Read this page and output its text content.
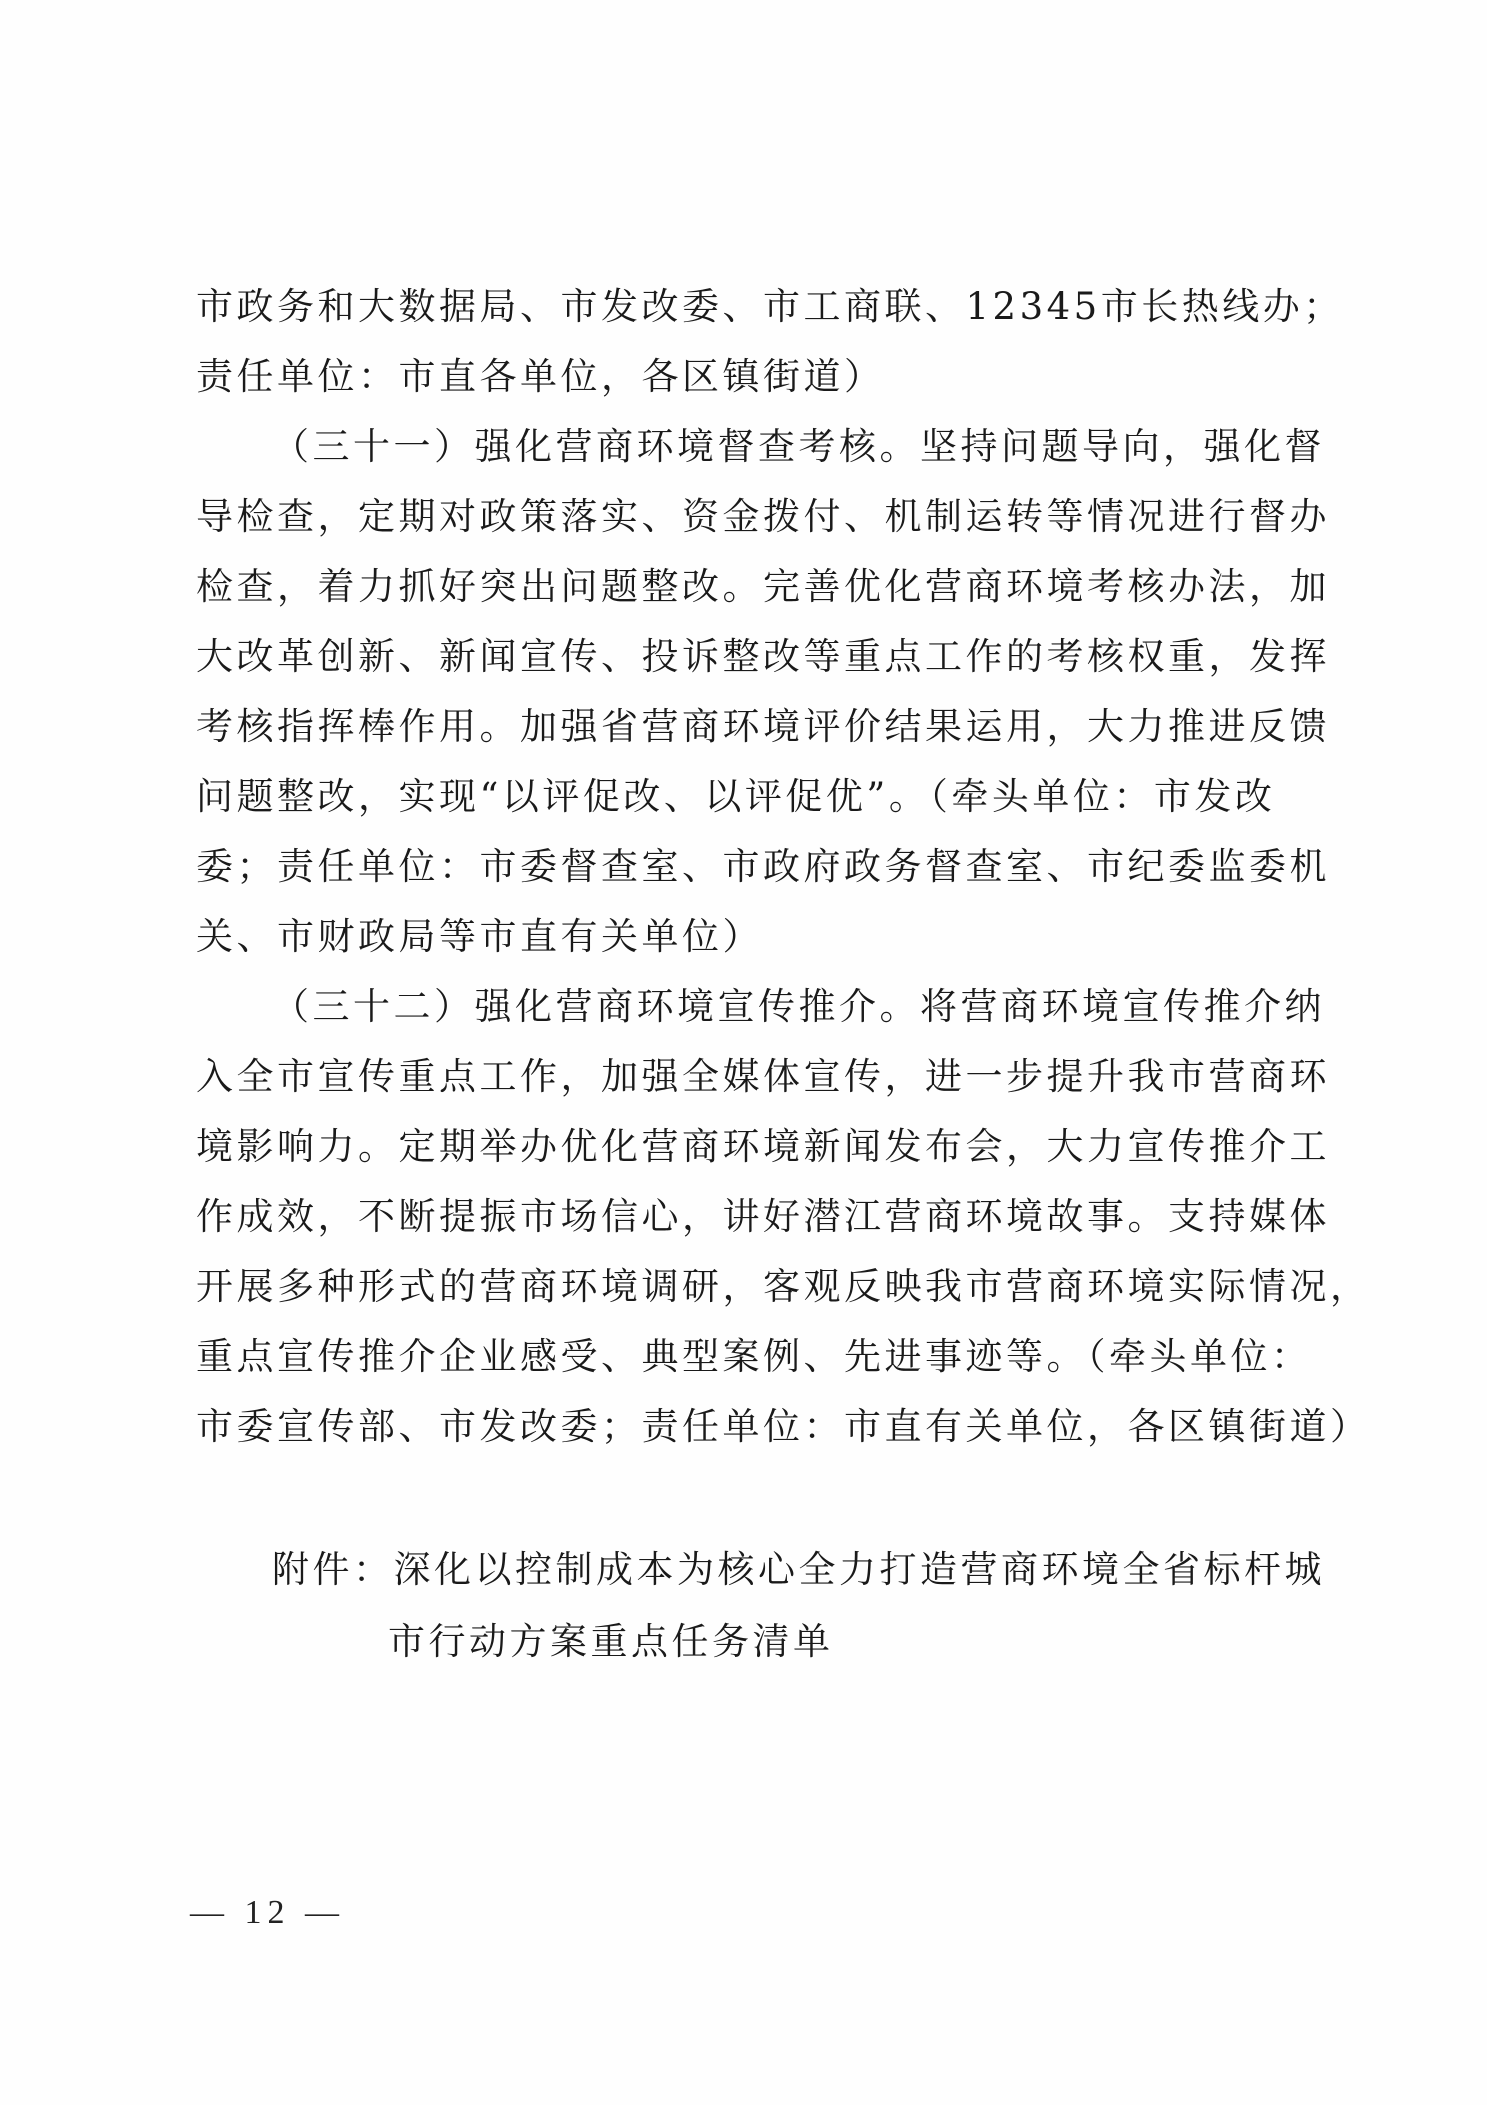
市政务和大数据局、市发改委、市工商联、12345市长热线办；
责任单位：市直各单位，各区镇街道）
（三十一）强化营商环境督查考核。坚持问题导向，强化督
导检查，定期对政策落实、资金拨付、机制运转等情况进行督办
检查，着力抓好突出问题整改。完善优化营商环境考核办法，加
大改革创新、新闻宣传、投诉整改等重点工作的考核权重，发挥
考核指挥棒作用。加强省营商环境评价结果运用，大力推进反馈
问题整改，实现“以评促改、以评促优”。（牵头单位：市发改
委；责任单位：市委督查室、市政府政务督查室、市纪委监委机
关、市财政局等市直有关单位）
（三十二）强化营商环境宣传推介。将营商环境宣传推介纳
入全市宣传重点工作，加强全媒体宣传，进一步提升我市营商环
境影响力。定期举办优化营商环境新闻发布会，大力宣传推介工
作成效，不断提振市场信心，讲好潜江营商环境故事。支持媒体
开展多种形式的营商环境调研，客观反映我市营商环境实际情况，
重点宣传推介企业感受、典型案例、先进事迹等。（牵头单位：
市委宣传部、市发改委；责任单位：市直有关单位，各区镇街道）
附件：深化以控制成本为核心全力打造营商环境全省标杆城
市行动方案重点任务清单
— 12 —
